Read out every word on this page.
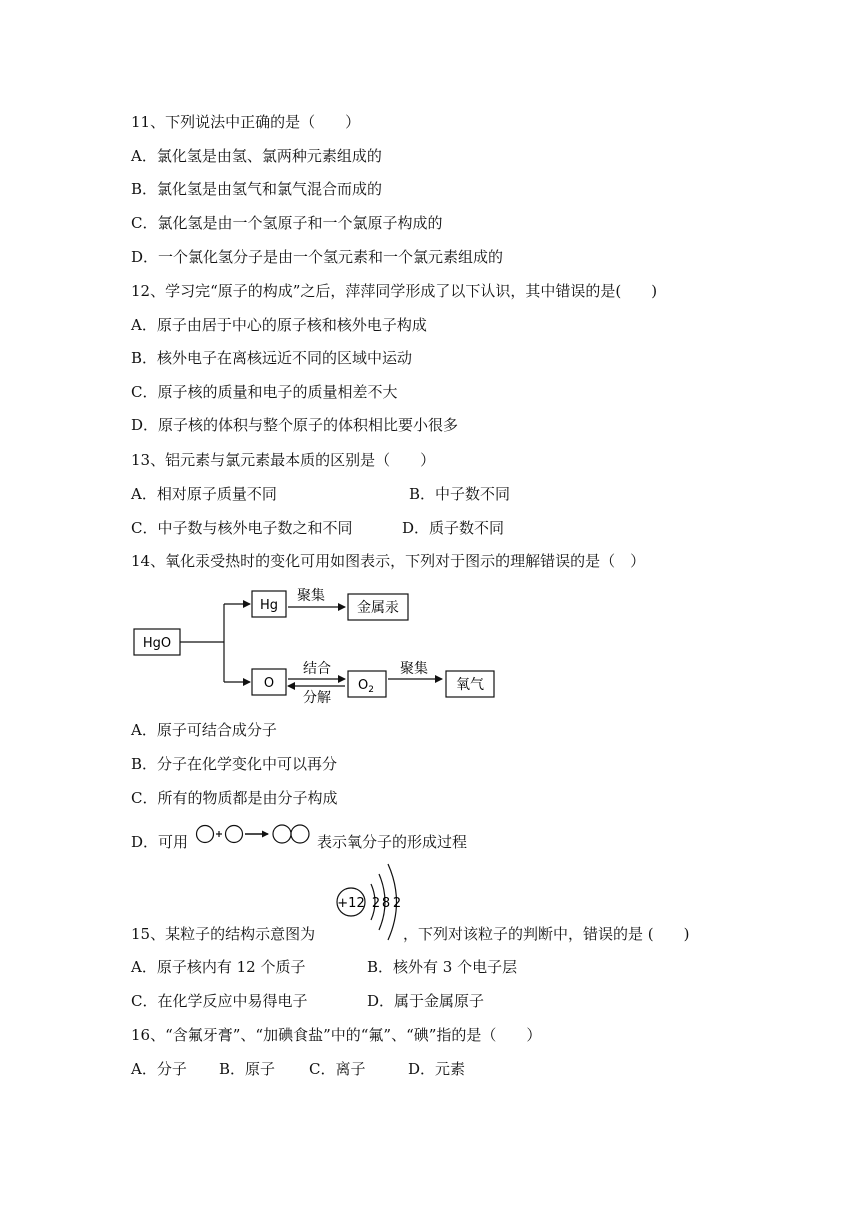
11、下列说法中正确的是（　　）
A．氯化氢是由氢、氯两种元素组成的
B．氯化氢是由氢气和氯气混合而成的
C．氯化氢是由一个氢原子和一个氯原子构成的
D．一个氯化氢分子是由一个氢元素和一个氯元素组成的
12、学习完“原子的构成”之后，萍萍同学形成了以下认识，其中错误的是(　　)
A．原子由居于中心的原子核和核外电子构成
B．核外电子在离核远近不同的区域中运动
C．原子核的质量和电子的质量相差不大
D．原子核的体积与整个原子的体积相比要小很多
13、铝元素与氯元素最本质的区别是（　　）
A．相对原子质量不同	B．中子数不同
C．中子数与核外电子数之和不同	D．质子数不同
14、氧化汞受热时的变化可用如图表示，下列对于图示的理解错误的是（　）
HgO
Hg
聚集
金属汞
O
结合
分解
$O_2$
聚集
氧气
A．原子可结合成分子
B．分子在化学变化中可以再分
C．所有的物质都是由分子构成
D．可用	表示氧分子的形成过程
15、某粒子的结构示意图为
+12 2 8 2
，下列对该粒子的判断中，错误的是 (　　)
A．原子核内有 12 个质子	B．核外有 3 个电子层
C．在化学反应中易得电子	D．属于金属原子
16、“含氟牙膏”、“加碘食盐”中的“氟”、“碘”指的是（　　）
A．分子 B．原子 C．离子	D．元素
